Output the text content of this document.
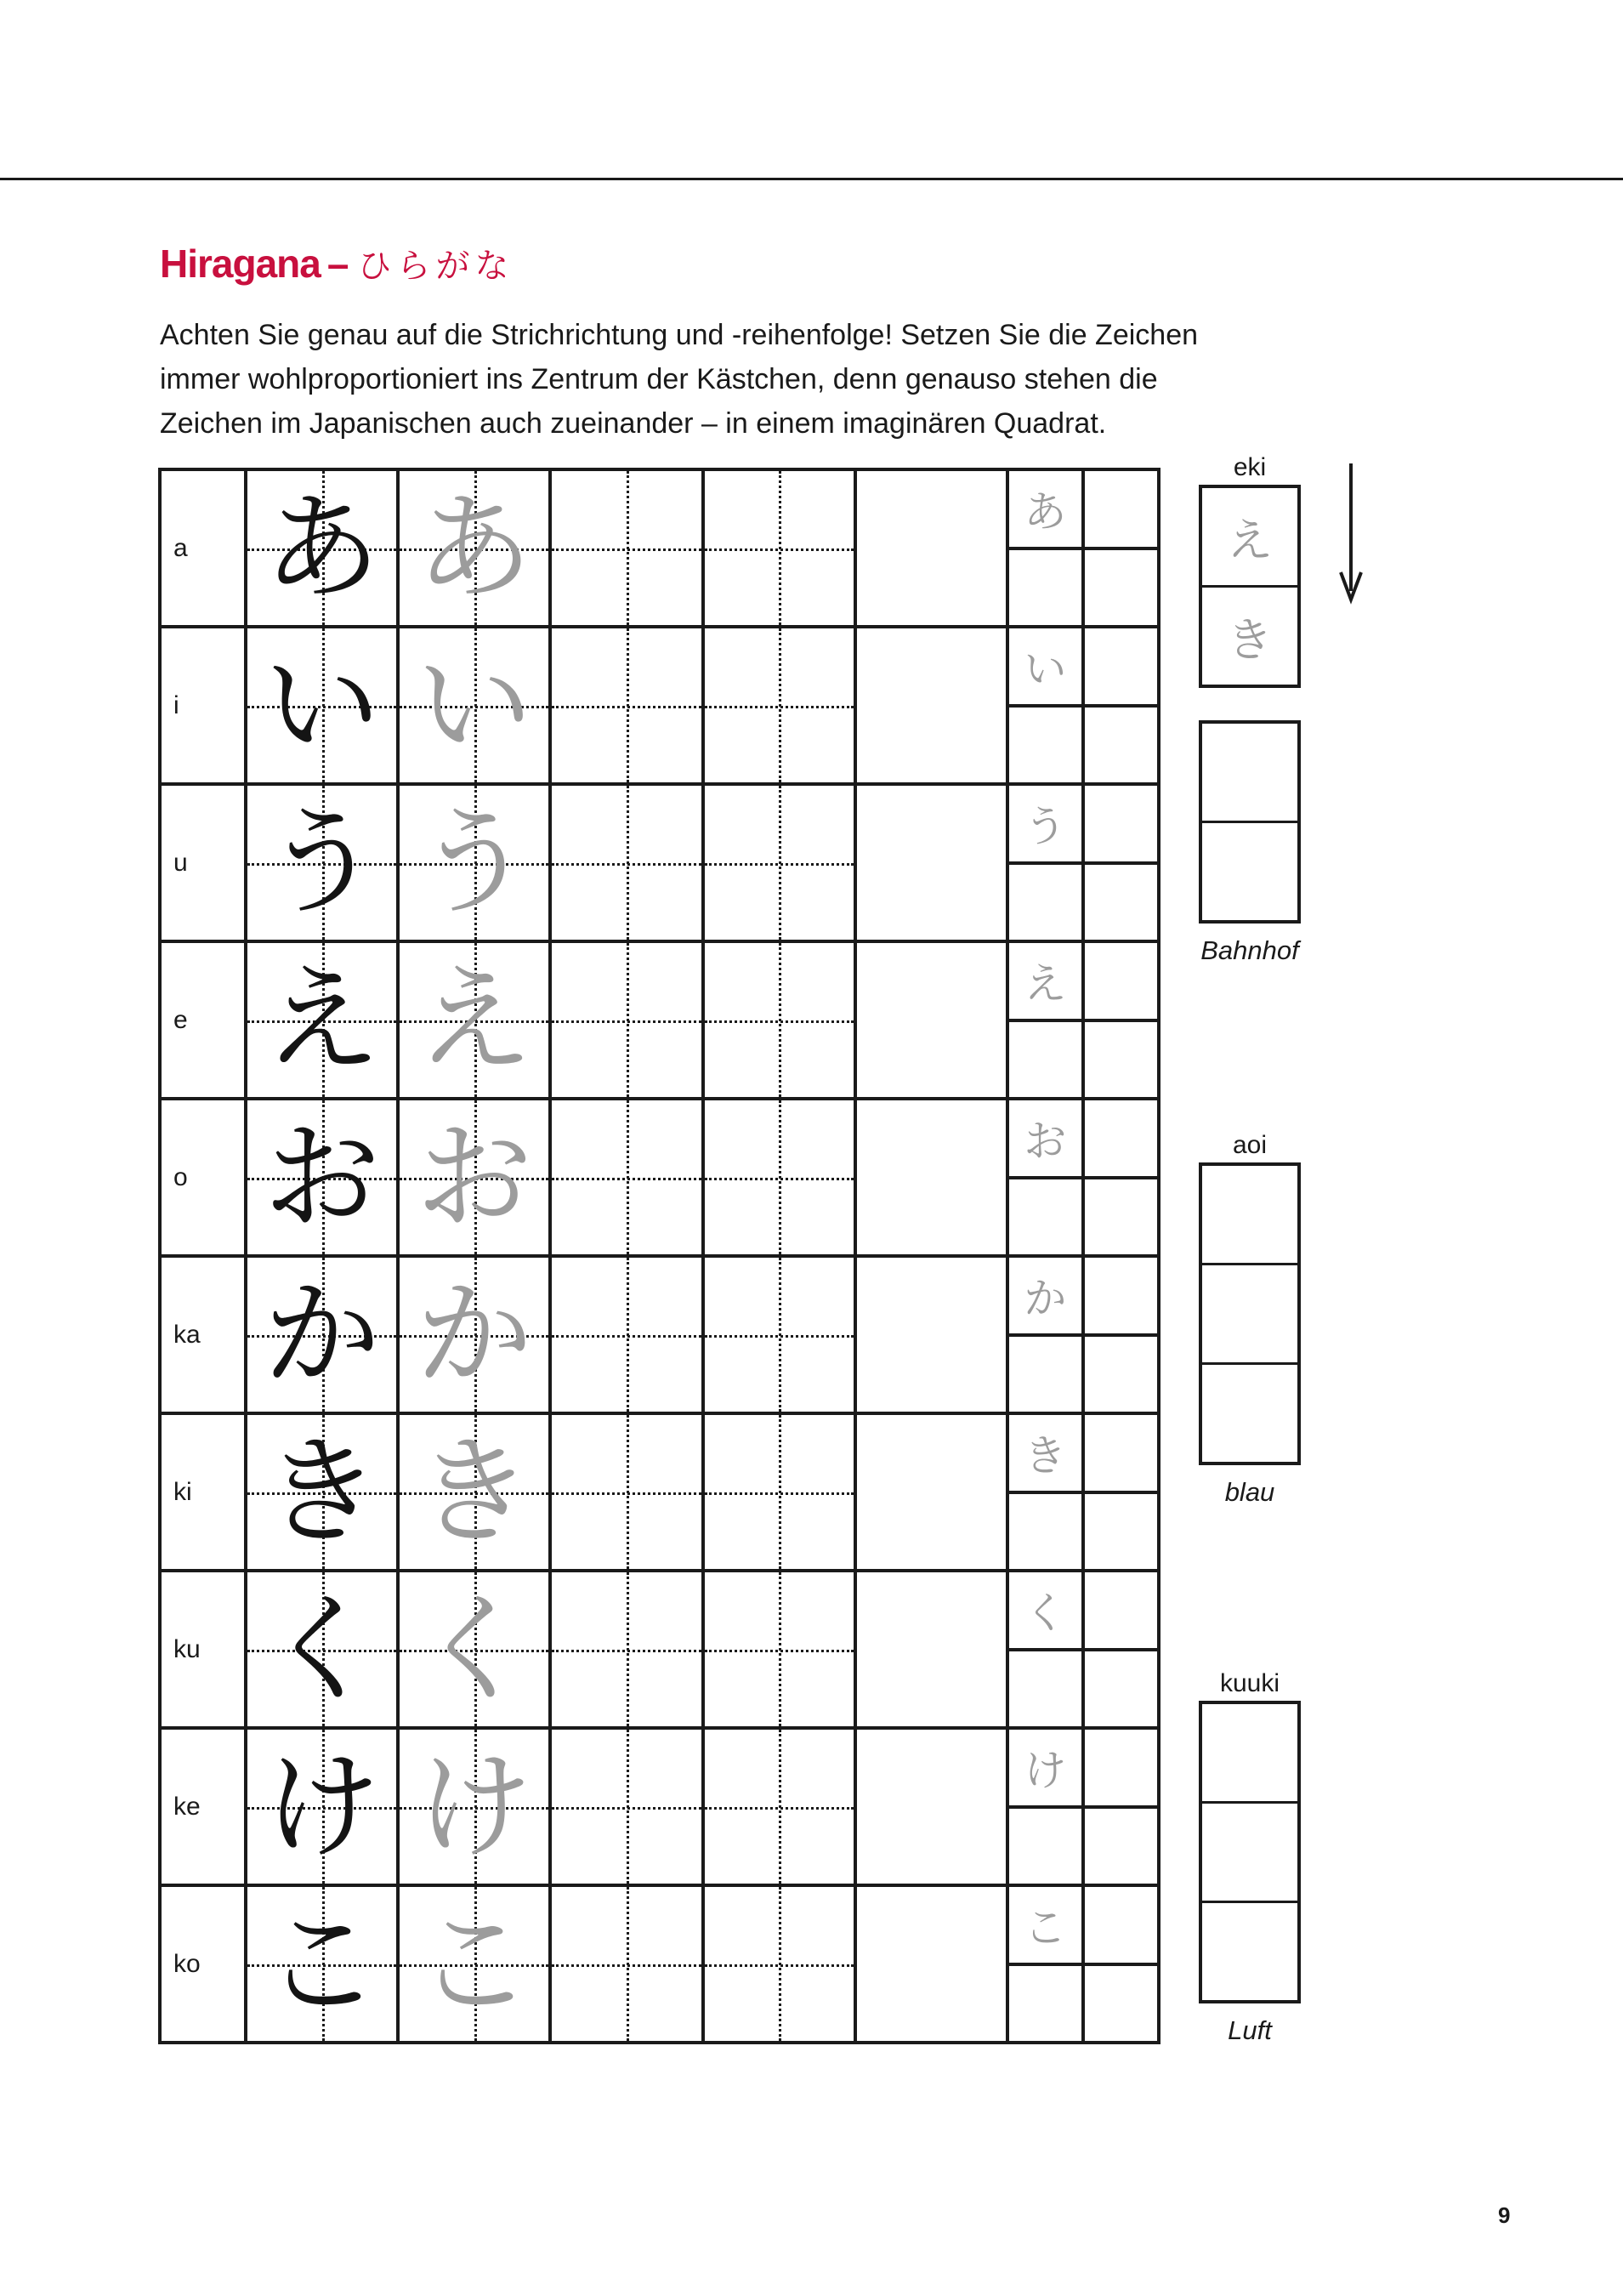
Hiragana – ひらがな

Achten Sie genau auf die Strichrichtung und -reihenfolge! Setzen Sie die Zeichen

immer wohlproportioniert ins Zentrum der Kästchen, denn genauso stehen die

Zeichen im Japanischen auch zueinander – in einem imaginären Quadrat.

a	あ	あ				あ	

i	い	い				い	

u	う	う				う	

e	え	え				え	

o	お	お				お	

ka	か	か				か	

ki	き	き				き	

ku	く	く				く	

ke	け	け				け	

ko	こ	こ				こ	

eki
え
き
Bahnhof
aoi
blau
kuuki
Luft
9
